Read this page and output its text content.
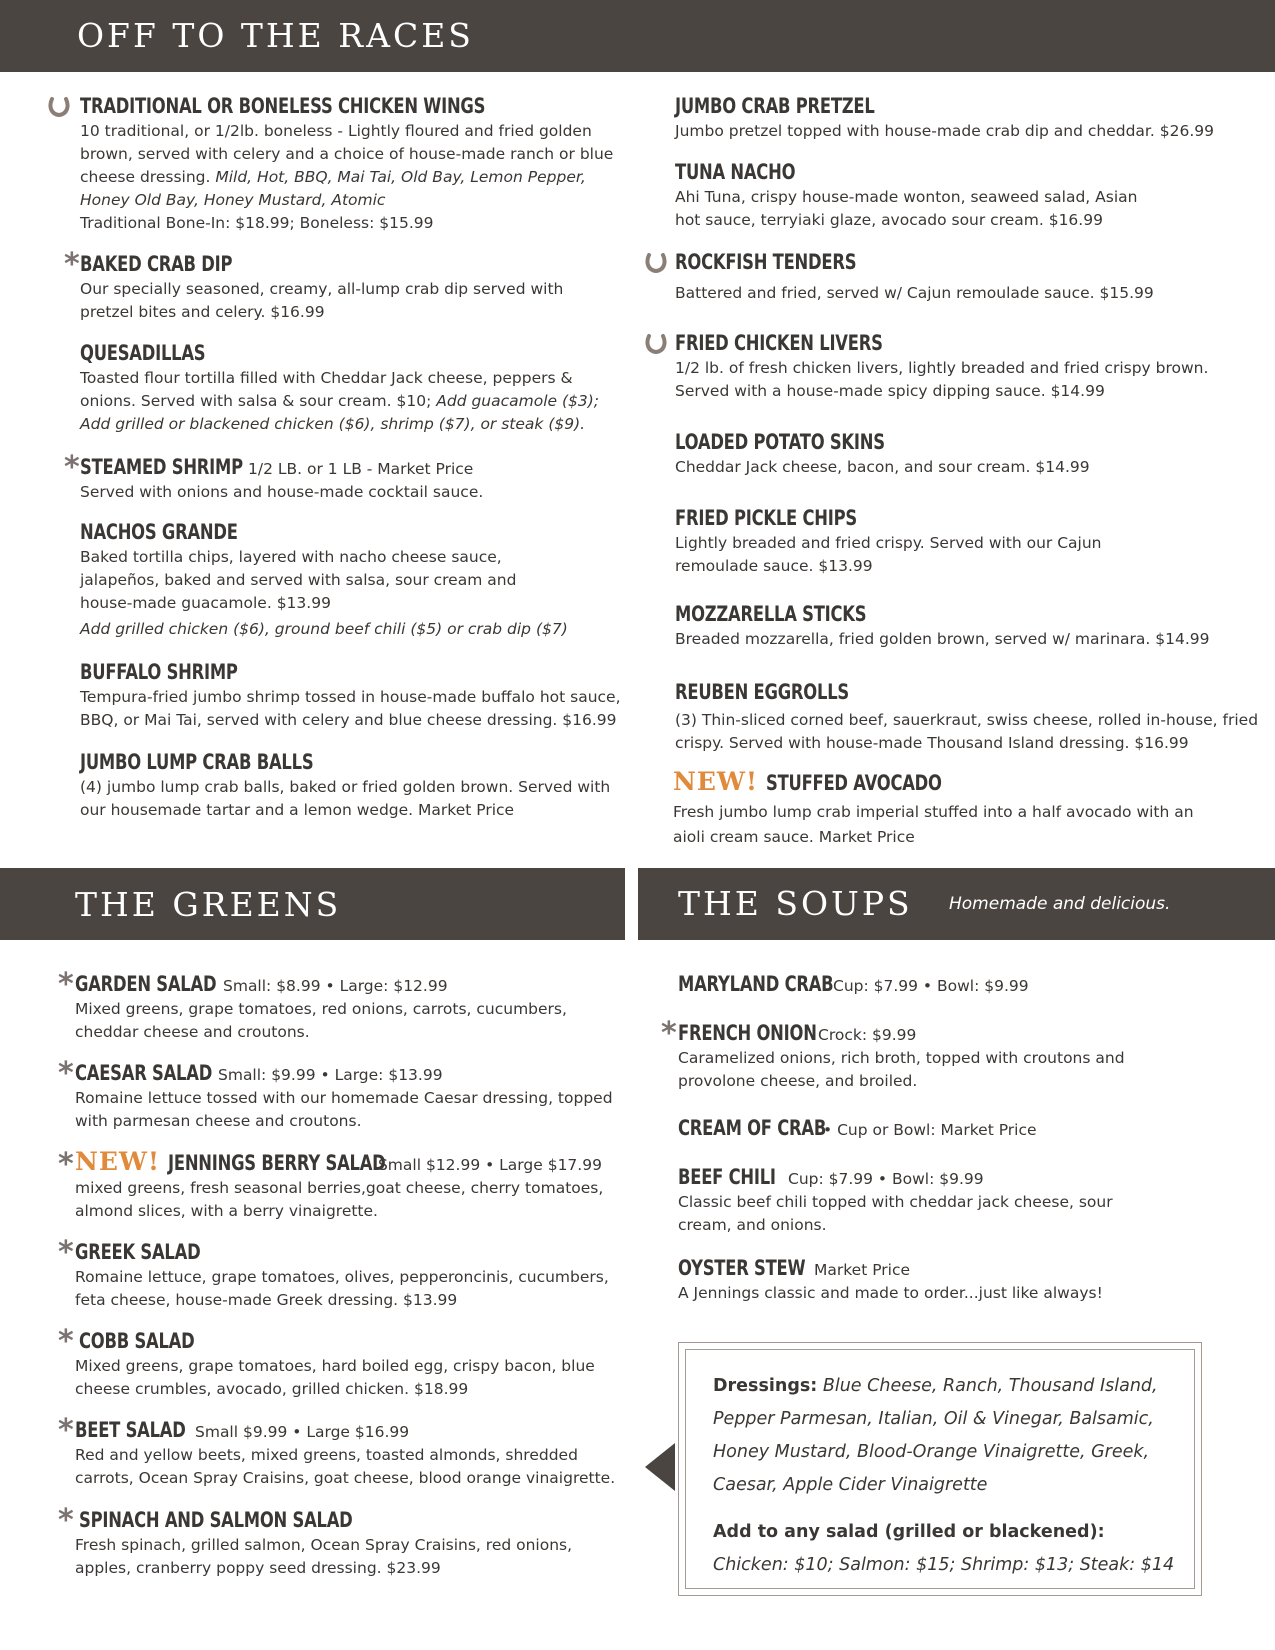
OFF TO THE RACES
THE GREENS	THE SOUPS Homemade and delicious.
TRADITIONAL OR BONELESS CHICKEN WINGS
10 traditional, or 1/2lb. boneless - Lightly floured and fried golden brown, served with celery and a choice of house-made ranch or blue cheese dressing. Mild, Hot, BBQ, Mai Tai, Old Bay, Lemon Pepper, Honey Old Bay, Honey Mustard, Atomic
Traditional Bone-In: $18.99; Boneless: $15.99
* BAKED CRAB DIP
Our specially seasoned, creamy, all-lump crab dip served with pretzel bites and celery. $16.99
QUESADILLAS
Toasted flour tortilla filled with Cheddar Jack cheese, peppers & onions. Served with salsa & sour cream. $10; Add guacamole ($3); Add grilled or blackened chicken ($6), shrimp ($7), or steak ($9).
* STEAMED SHRIMP 1/2 LB. or 1 LB - Market Price
Served with onions and house-made cocktail sauce.
NACHOS GRANDE
Baked tortilla chips, layered with nacho cheese sauce, jalapeños, baked and served with salsa, sour cream and house-made guacamole. $13.99
Add grilled chicken ($6), ground beef chili ($5) or crab dip ($7)
BUFFALO SHRIMP
Tempura-fried jumbo shrimp tossed in house-made buffalo hot sauce, BBQ, or Mai Tai, served with celery and blue cheese dressing. $16.99
JUMBO LUMP CRAB BALLS
(4) jumbo lump crab balls, baked or fried golden brown. Served with our housemade tartar and a lemon wedge. Market Price
JUMBO CRAB PRETZEL
Jumbo pretzel topped with house-made crab dip and cheddar. $26.99
TUNA NACHO
Ahi Tuna, crispy house-made wonton, seaweed salad, Asian hot sauce, terryiaki glaze, avocado sour cream. $16.99
ROCKFISH TENDERS
Battered and fried, served w/ Cajun remoulade sauce. $15.99
FRIED CHICKEN LIVERS
1/2 lb. of fresh chicken livers, lightly breaded and fried crispy brown. Served with a house-made spicy dipping sauce. $14.99
LOADED POTATO SKINS
Cheddar Jack cheese, bacon, and sour cream. $14.99
FRIED PICKLE CHIPS
Lightly breaded and fried crispy. Served with our Cajun remoulade sauce. $13.99
MOZZARELLA STICKS
Breaded mozzarella, fried golden brown, served w/ marinara. $14.99
REUBEN EGGROLLS
(3) Thin-sliced corned beef, sauerkraut, swiss cheese, rolled in-house, fried crispy. Served with house-made Thousand Island dressing. $16.99
NEW! STUFFED AVOCADO
Fresh jumbo lump crab imperial stuffed into a half avocado with an aioli cream sauce. Market Price
* GARDEN SALAD Small: $8.99 • Large: $12.99
Mixed greens, grape tomatoes, red onions, carrots, cucumbers, cheddar cheese and croutons.
* CAESAR SALAD Small: $9.99 • Large: $13.99
Romaine lettuce tossed with our homemade Caesar dressing, topped with parmesan cheese and croutons.
* NEW! JENNINGS BERRY SALAD
Small $12.99 • Large $17.99
mixed greens, fresh seasonal berries,goat cheese, cherry tomatoes, almond slices, with a berry vinaigrette.
* GREEK SALAD
Romaine lettuce, grape tomatoes, olives, pepperoncinis, cucumbers, feta cheese, house-made Greek dressing. $13.99
* COBB SALAD
Mixed greens, grape tomatoes, hard boiled egg, crispy bacon, blue cheese crumbles, avocado, grilled chicken. $18.99
* BEET SALAD Small $9.99 • Large $16.99
Red and yellow beets, mixed greens, toasted almonds, shredded carrots, Ocean Spray Craisins, goat cheese, blood orange vinaigrette.
* SPINACH AND SALMON SALAD
Fresh spinach, grilled salmon, Ocean Spray Craisins, red onions, apples, cranberry poppy seed dressing. $23.99
MARYLAND CRAB Cup: $7.99 • Bowl: $9.99
* FRENCH ONION Crock: $9.99
Caramelized onions, rich broth, topped with croutons and provolone cheese, and broiled.
CREAM OF CRAB
• Cup or Bowl: Market Price
BEEF CHILI Cup: $7.99 • Bowl: $9.99
Classic beef chili topped with cheddar jack cheese, sour cream, and onions.
OYSTER STEW Market Price
A Jennings classic and made to order...just like always!
Dressings: Blue Cheese, Ranch, Thousand Island, Pepper Parmesan, Italian, Oil & Vinegar, Balsamic, Honey Mustard, Blood-Orange Vinaigrette, Greek, Caesar, Apple Cider Vinaigrette
Add to any salad (grilled or blackened):
Chicken: $10; Salmon: $15; Shrimp: $13; Steak: $14
